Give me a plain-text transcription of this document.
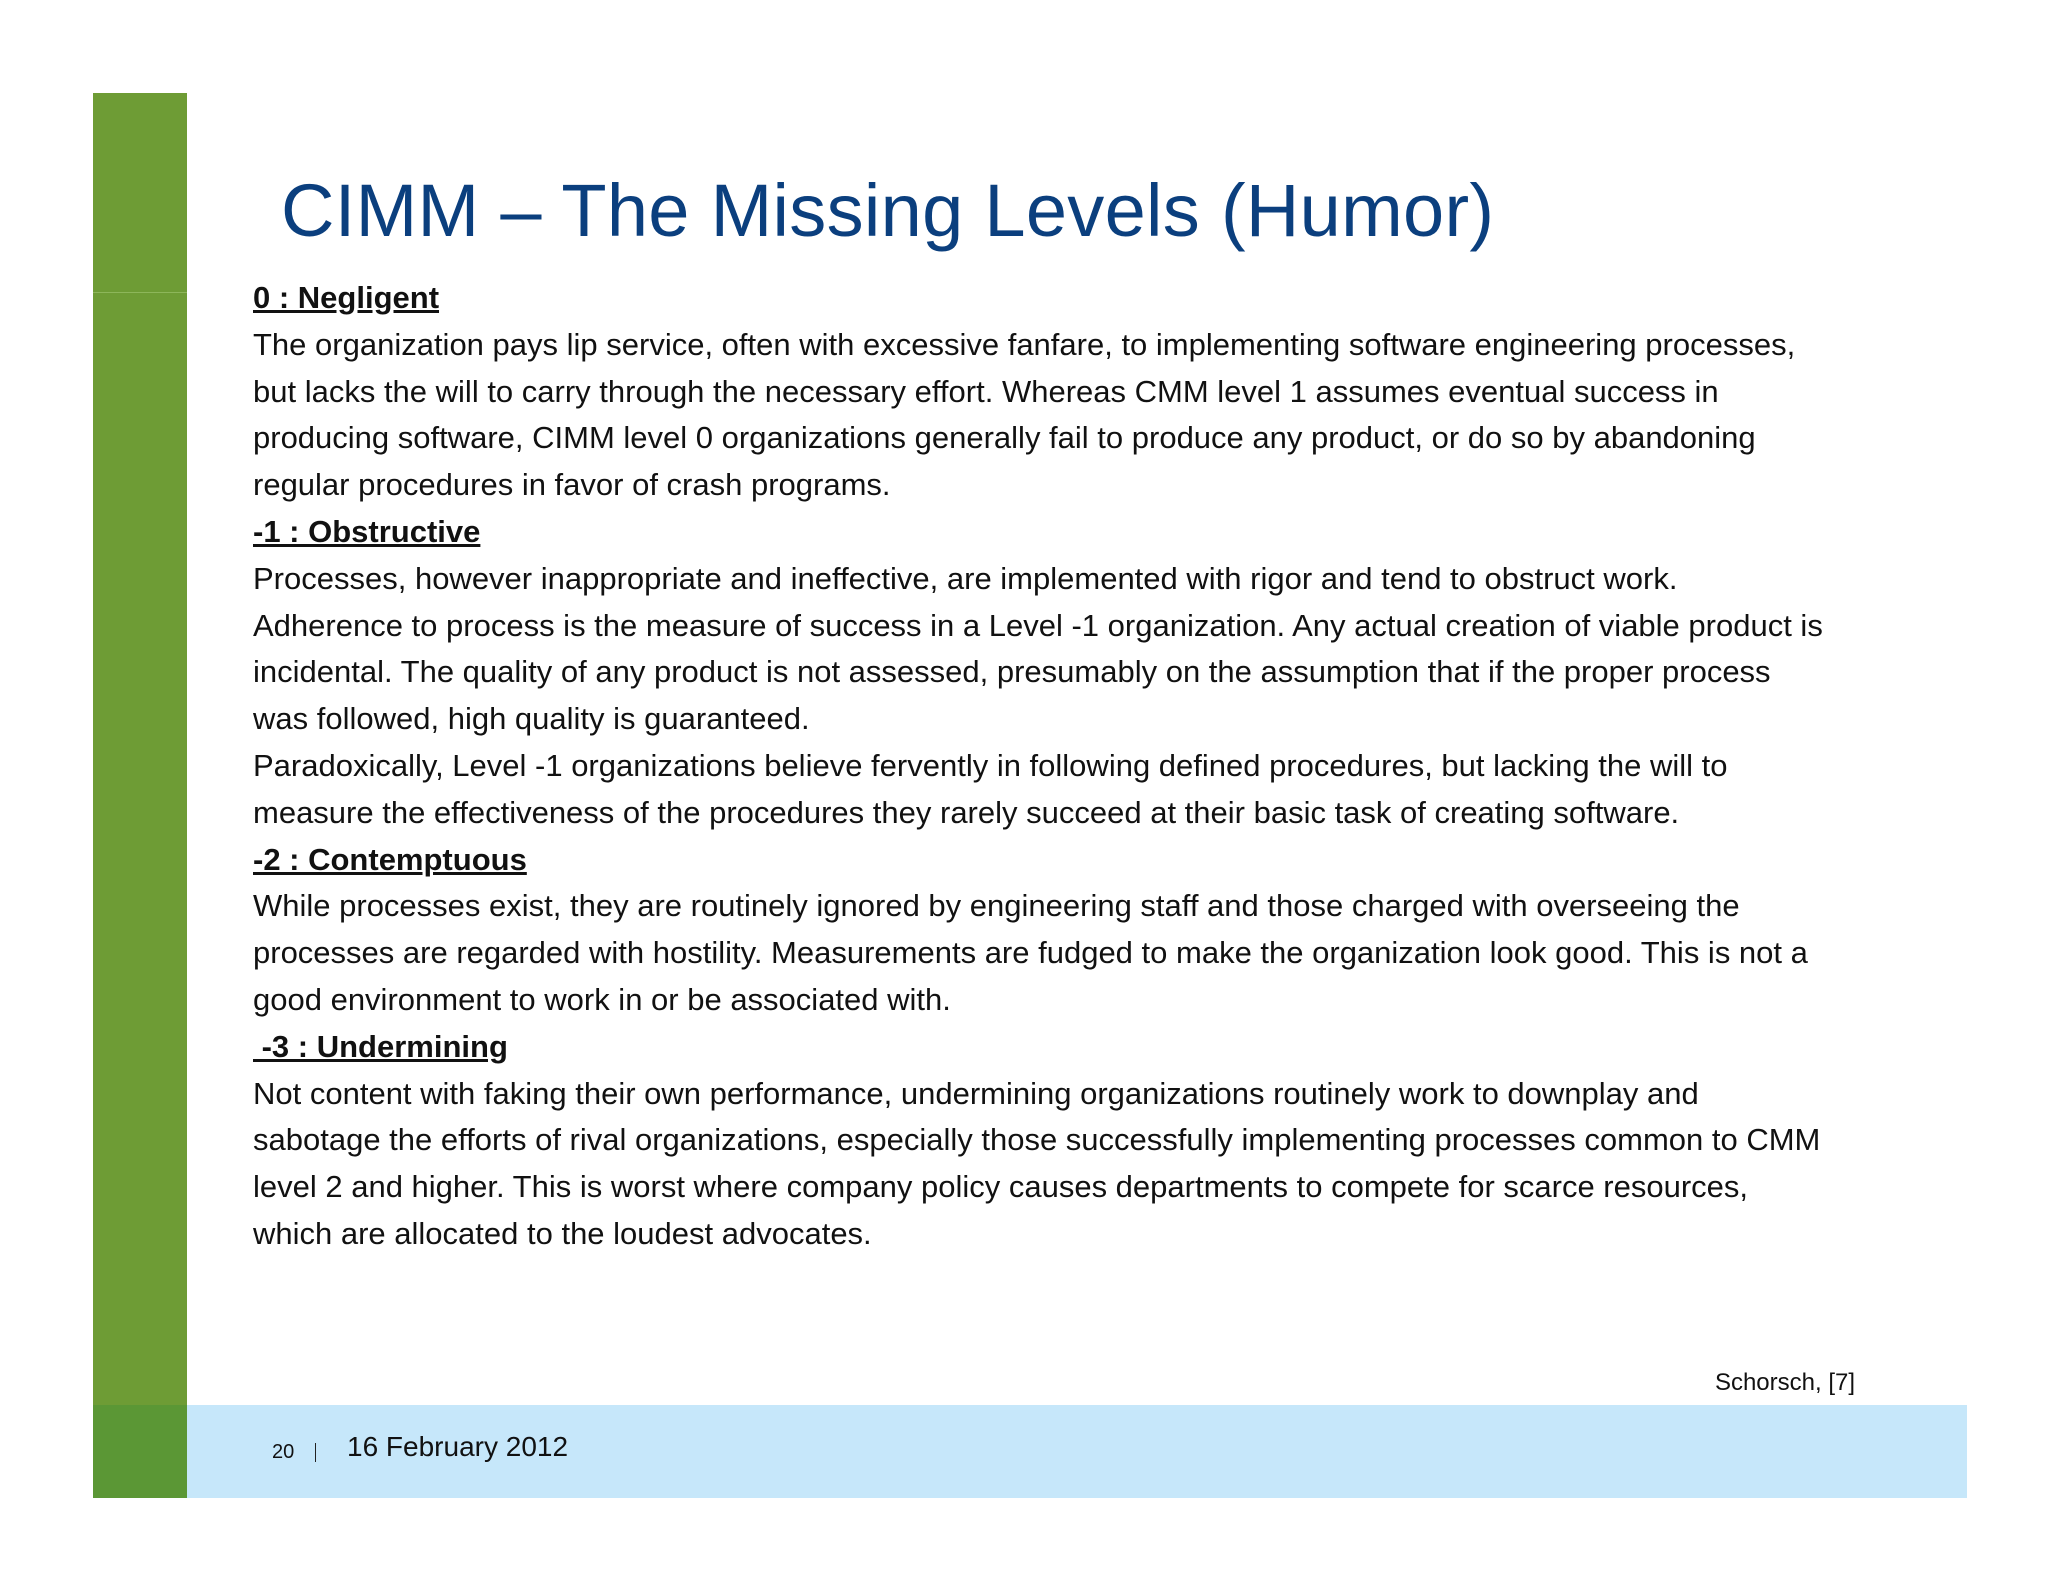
CIMM – The Missing Levels (Humor)

0 : Negligent

The organization pays lip service, often with excessive fanfare, to implementing software engineering processes, but lacks the will to carry through the necessary effort. Whereas CMM level 1 assumes eventual success in producing software, CIMM level 0 organizations generally fail to produce any product, or do so by abandoning regular procedures in favor of crash programs.

-1 : Obstructive

Processes, however inappropriate and ineffective, are implemented with rigor and tend to obstruct work. Adherence to process is the measure of success in a Level -1 organization. Any actual creation of viable product is incidental. The quality of any product is not assessed, presumably on the assumption that if the proper process was followed, high quality is guaranteed.

Paradoxically, Level -1 organizations believe fervently in following defined procedures, but lacking the will to measure the effectiveness of the procedures they rarely succeed at their basic task of creating software.

-2 : Contemptuous

While processes exist, they are routinely ignored by engineering staff and those charged with overseeing the processes are regarded with hostility. Measurements are fudged to make the organization look good. This is not a good environment to work in or be associated with.

-3 : Undermining

Not content with faking their own performance, undermining organizations routinely work to downplay and sabotage the efforts of rival organizations, especially those successfully implementing processes common to CMM level 2 and higher. This is worst where company policy causes departments to compete for scarce resources, which are allocated to the loudest advocates.

Schorsch, [7]
20 16 February 2012
